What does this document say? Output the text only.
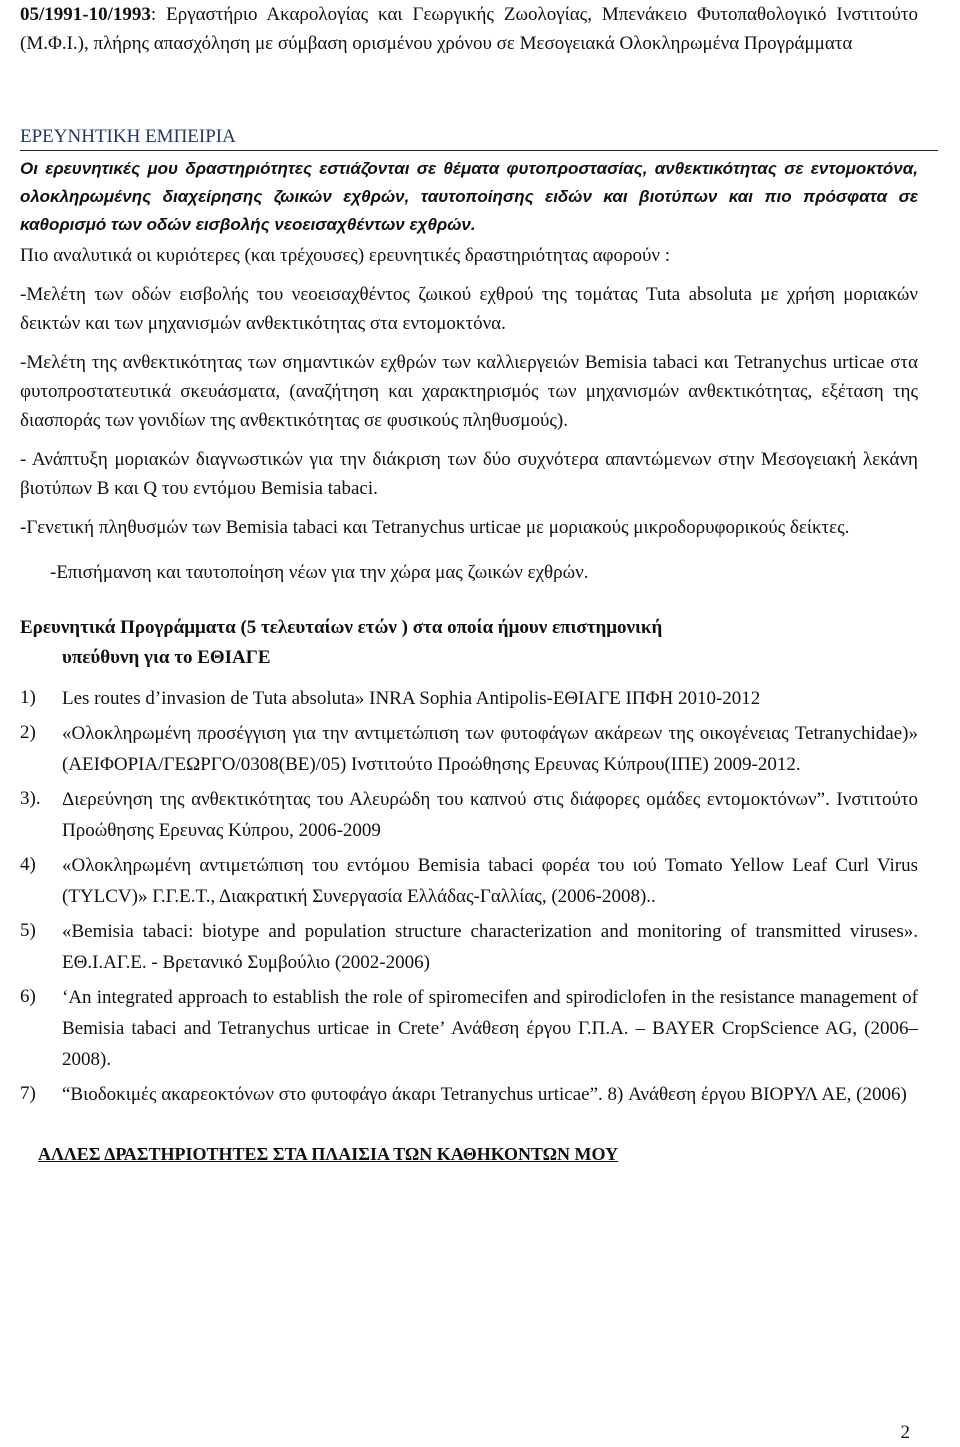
05/1991-10/1993: Εργαστήριο Ακαρολογίας και Γεωργικής Ζωολογίας, Μπενάκειο Φυτοπαθολογικό Ινστιτούτο (Μ.Φ.Ι.), πλήρης απασχόληση με σύμβαση ορισμένου χρόνου σε Μεσογειακά Ολοκληρωμένα Προγράμματα

ΕΡΕΥΝΗΤΙΚΗ ΕΜΠΕΙΡΙΑ

Οι ερευνητικές μου δραστηριότητες εστιάζονται σε θέματα φυτοπροστασίας, ανθεκτικότητας σε εντομοκτόνα, ολοκληρωμένης διαχείρησης ζωικών εχθρών, ταυτοποίησης ειδών και βιοτύπων και πιο πρόσφατα σε καθορισμό των οδών εισβολής νεοεισαχθέντων εχθρών.

Πιο αναλυτικά οι κυριότερες (και τρέχουσες) ερευνητικές δραστηριότητας αφορούν :

-Μελέτη των οδών εισβολής του νεοεισαχθέντος ζωικού εχθρού της τομάτας Tuta absoluta με χρήση μοριακών δεικτών και των μηχανισμών ανθεκτικότητας στα εντομοκτόνα.

-Μελέτη της ανθεκτικότητας των σημαντικών εχθρών των καλλιεργειών Bemisia tabaci και Tetranychus urticae στα φυτοπροστατευτικά σκευάσματα, (αναζήτηση και χαρακτηρισμός των μηχανισμών ανθεκτικότητας, εξέταση της διασποράς των γονιδίων της ανθεκτικότητας σε φυσικούς πληθυσμούς).

- Ανάπτυξη μοριακών διαγνωστικών για την διάκριση των δύο συχνότερα απαντώμενων στην Μεσογειακή λεκάνη βιοτύπων B και Q του εντόμου Bemisia tabaci.

-Γενετική πληθυσμών των Bemisia tabaci και Tetranychus urticae με μοριακούς μικροδορυφορικούς δείκτες.

-Επισήμανση και ταυτοποίηση νέων για την χώρα μας ζωικών εχθρών.

Ερευνητικά Προγράμματα (5 τελευταίων ετών ) στα οποία ήμουν επιστημονική
υπεύθυνη για το ΕΘΙΑΓΕ
1)	Les routes d’invasion de Tuta absoluta» INRA Sophia Antipolis-ΕΘΙΑΓΕ ΙΠΦΗ 2010-2012
2)	«Ολοκληρωμένη προσέγγιση για την αντιμετώπιση των φυτοφάγων ακάρεων της οικογένειας Tetranychidae)» (ΑΕΙΦΟΡΙΑ/ΓΕΩΡΓΟ/0308(ΒΕ)/05) Ινστιτούτο Προώθησης Ερευνας Κύπρου(ΙΠΕ) 2009-2012.
3).	Διερεύνηση της ανθεκτικότητας του Αλευρώδη του καπνού στις διάφορες ομάδες εντομοκτόνων”. Ινστιτούτο Προώθησης Ερευνας Κύπρου, 2006-2009
4)	«Ολοκληρωμένη αντιμετώπιση του εντόμου Bemisia tabaci φορέα του ιού Tomato Yellow Leaf Curl Virus (TYLCV)» Γ.Γ.Ε.Τ., Διακρατική Συνεργασία Ελλάδας-Γαλλίας, (2006-2008)..
5)	«Bemisia tabaci: biotype and population structure characterization and monitoring of transmitted viruses». ΕΘ.Ι.ΑΓ.Ε. - Βρετανικό Συμβούλιο (2002-2006)
6)	‘An integrated approach to establish the role of spiromecifen and spirodiclofen in the resistance management of Bemisia tabaci and Tetranychus urticae in Crete’ Ανάθεση έργου Γ.Π.Α. – BAYER CropScience AG, (2006–2008).
7)	“Βιοδοκιμές ακαρεοκτόνων στο φυτοφάγο άκαρι Tetranychus urticae”. 8) Ανάθεση έργου ΒΙΟΡΥΛ ΑΕ, (2006)
ΑΛΛΕΣ ΔΡΑΣΤΗΡΙΟΤΗΤΕΣ ΣΤΑ ΠΛΑΙΣΙΑ ΤΩΝ ΚΑΘΗΚΟΝΤΩΝ ΜΟΥ
2
